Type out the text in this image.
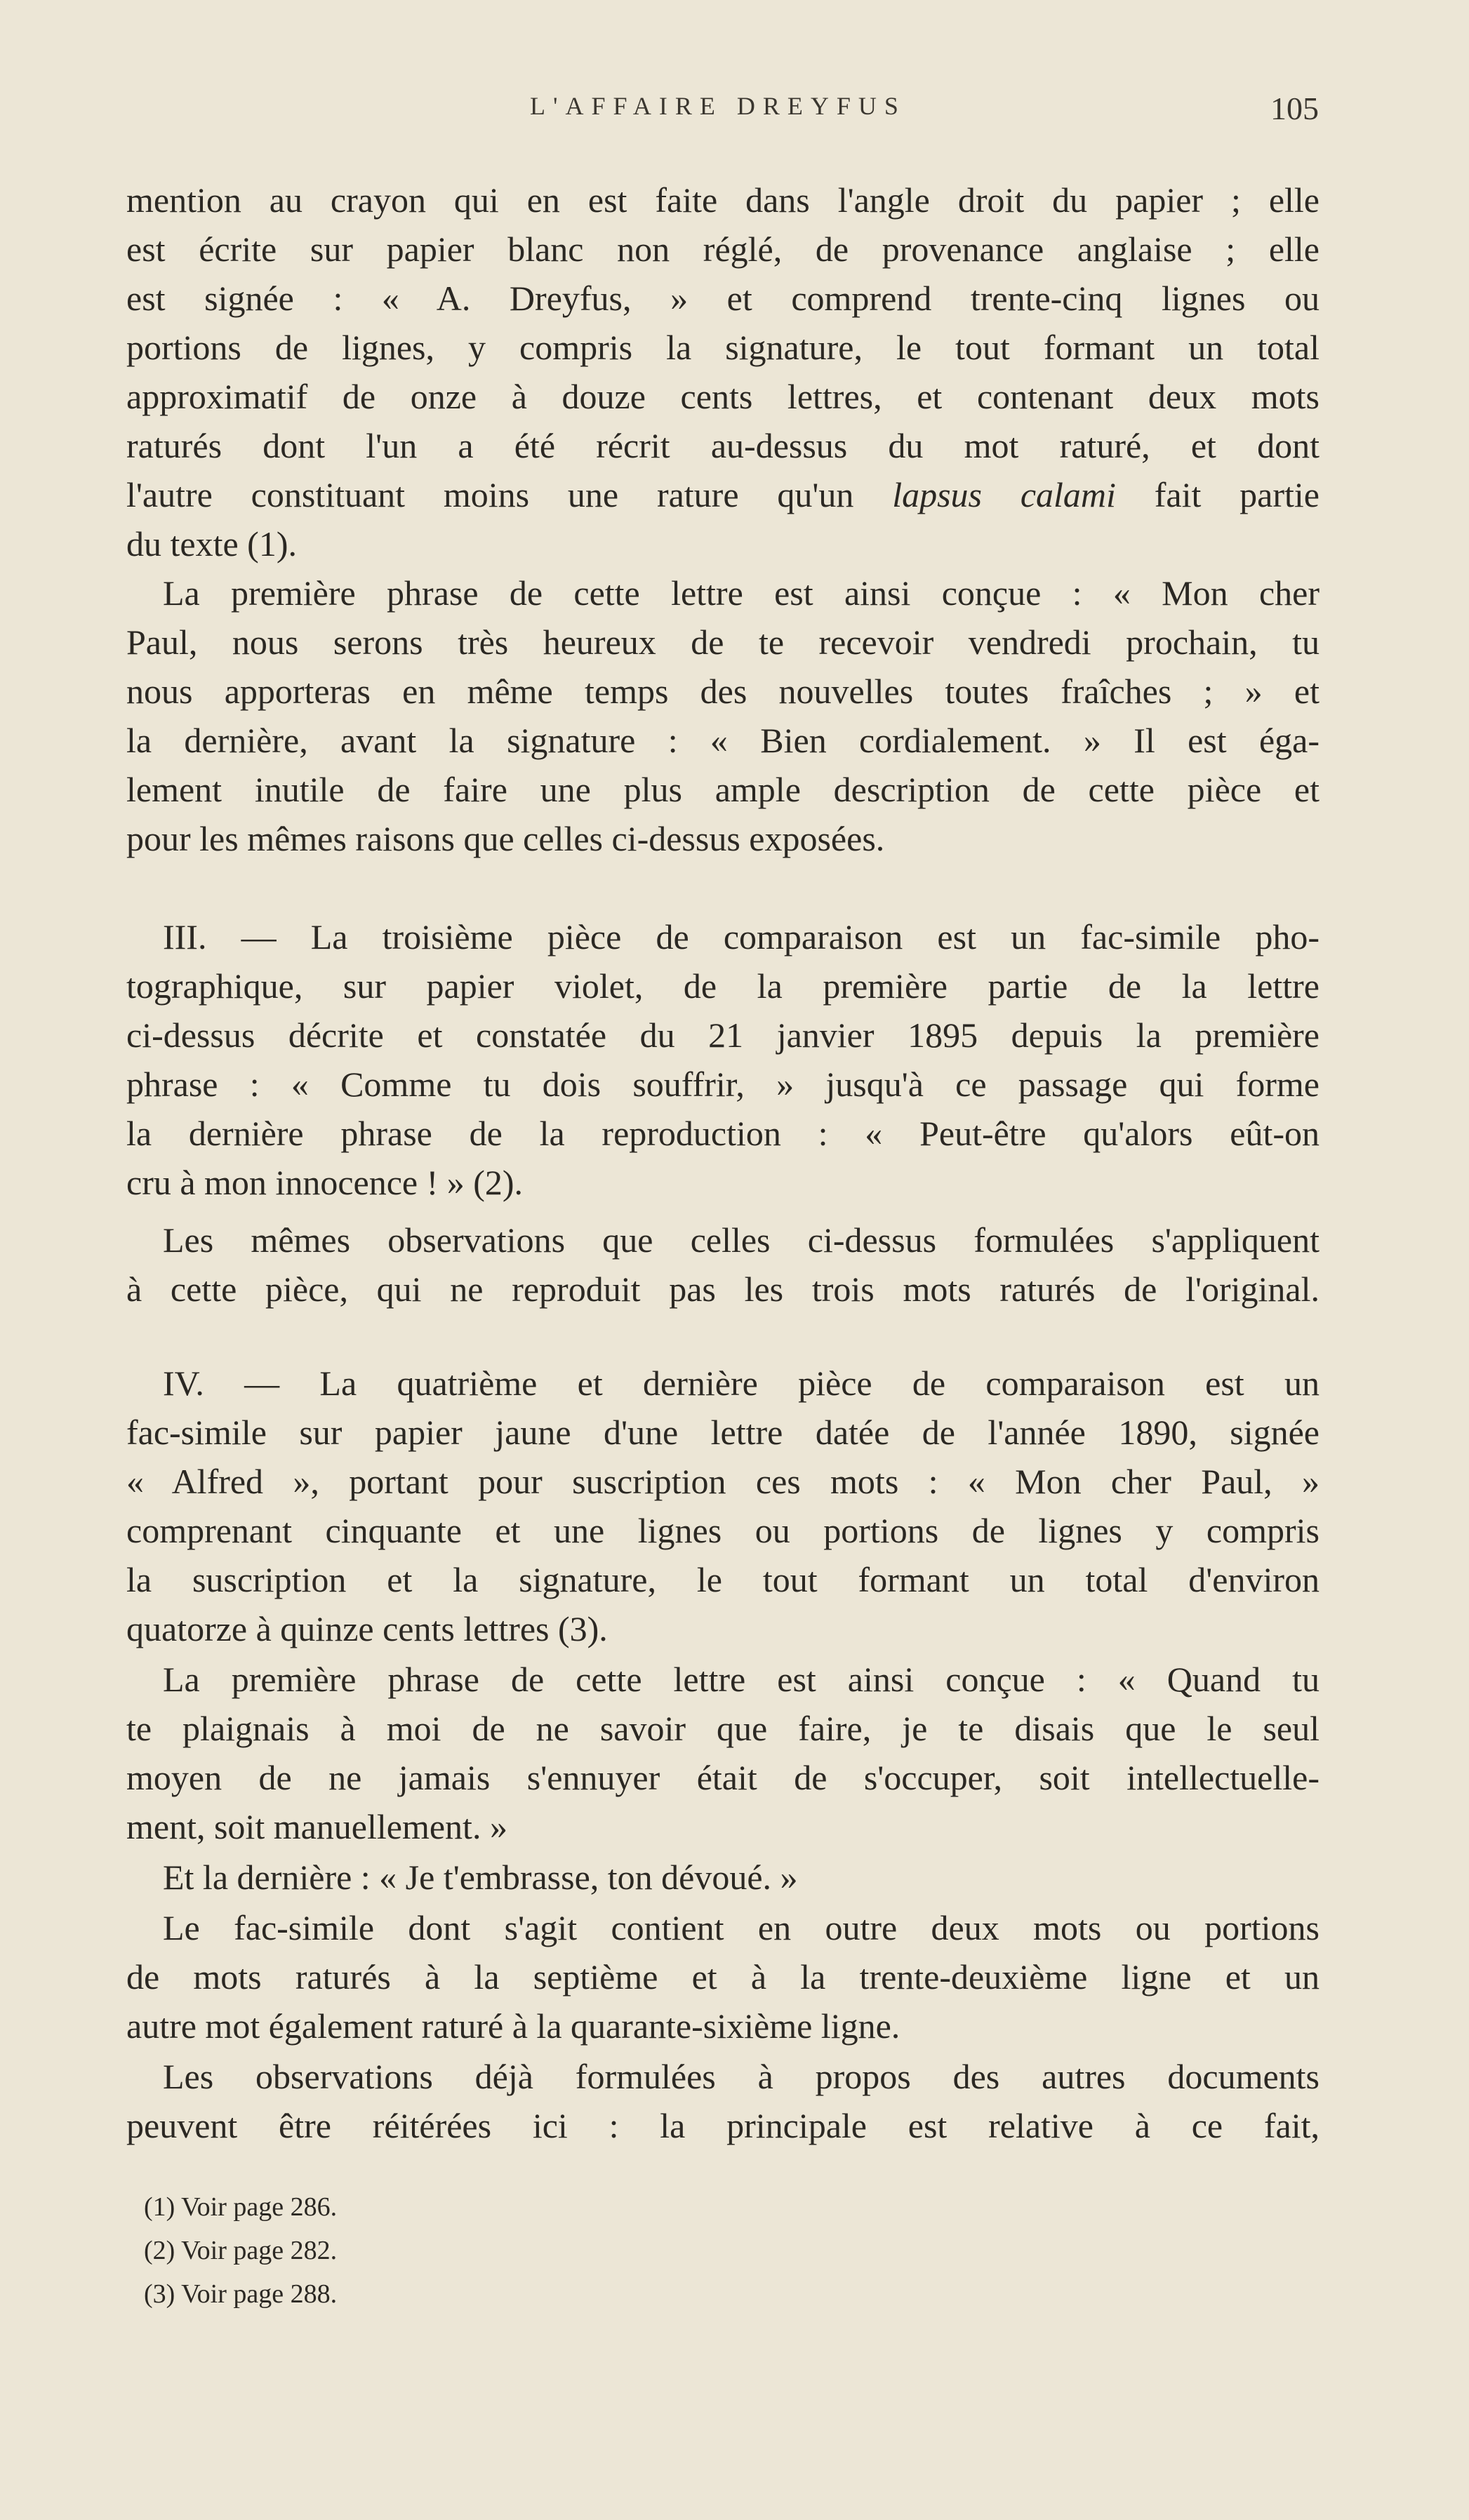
L'AFFAIRE DREYFUS	105
mention au crayon qui en est faite dans l'angle droit du papier ; elle
est écrite sur papier blanc non réglé, de provenance anglaise ; elle
est signée : « A. Dreyfus, » et comprend trente-cinq lignes ou
portions de lignes, y compris la signature, le tout formant un total
approximatif de onze à douze cents lettres, et contenant deux mots
raturés dont l'un a été récrit au-dessus du mot raturé, et dont
l'autre constituant moins une rature qu'un lapsus calami fait partie
du texte (1).
La première phrase de cette lettre est ainsi conçue : « Mon cher
Paul, nous serons très heureux de te recevoir vendredi prochain, tu
nous apporteras en même temps des nouvelles toutes fraîches ; » et
la dernière, avant la signature : « Bien cordialement. » Il est éga-
lement inutile de faire une plus ample description de cette pièce et
pour les mêmes raisons que celles ci-dessus exposées.
III. — La troisième pièce de comparaison est un fac-simile pho-
tographique, sur papier violet, de la première partie de la lettre
ci-dessus décrite et constatée du 21 janvier 1895 depuis la première
phrase : « Comme tu dois souffrir, » jusqu'à ce passage qui forme
la dernière phrase de la reproduction : « Peut-être qu'alors eût-on
cru à mon innocence ! » (2).
Les mêmes observations que celles ci-dessus formulées s'appliquent
à cette pièce, qui ne reproduit pas les trois mots raturés de l'original.
IV. — La quatrième et dernière pièce de comparaison est un
fac-simile sur papier jaune d'une lettre datée de l'année 1890, signée
« Alfred », portant pour suscription ces mots : « Mon cher Paul, »
comprenant cinquante et une lignes ou portions de lignes y compris
la suscription et la signature, le tout formant un total d'environ
quatorze à quinze cents lettres (3).
La première phrase de cette lettre est ainsi conçue : « Quand tu
te plaignais à moi de ne savoir que faire, je te disais que le seul
moyen de ne jamais s'ennuyer était de s'occuper, soit intellectuelle-
ment, soit manuellement. »
Et la dernière : « Je t'embrasse, ton dévoué. »
Le fac-simile dont s'agit contient en outre deux mots ou portions
de mots raturés à la septième et à la trente-deuxième ligne et un
autre mot également raturé à la quarante-sixième ligne.
Les observations déjà formulées à propos des autres documents
peuvent être réitérées ici : la principale est relative à ce fait,
(1) Voir page 286.
(2) Voir page 282.
(3) Voir page 288.
